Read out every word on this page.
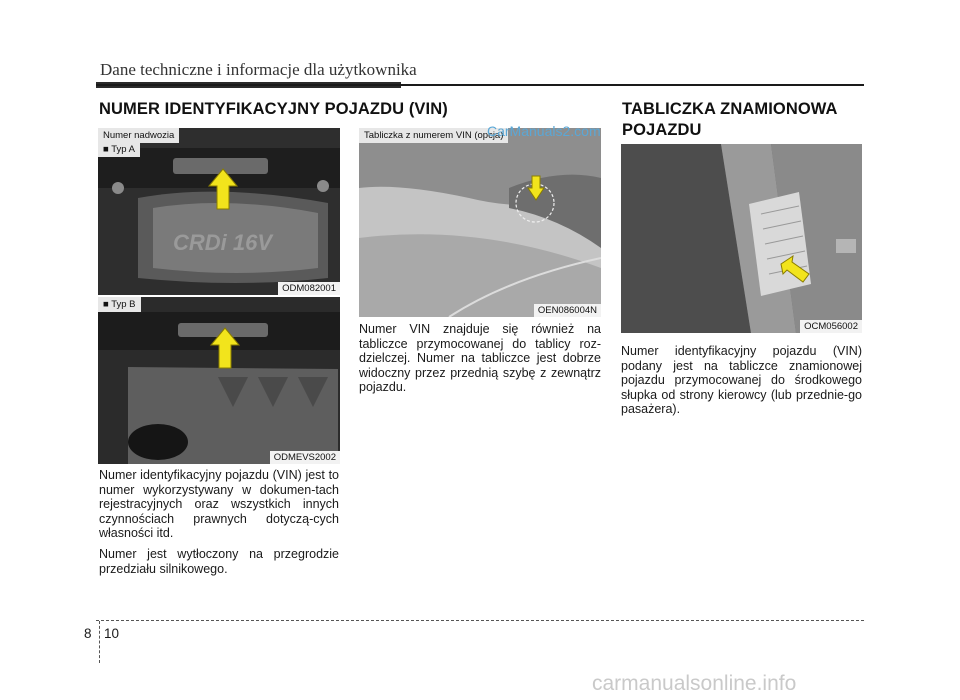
Dane techniczne i informacje dla użytkownika
NUMER IDENTYFIKACYJNY POJAZDU (VIN)
CRDi 16V
Numer nadwozia
■ Typ A
ODM082001
■ Typ B
ODMEVS2002

Numer identyfikacyjny pojazdu (VIN) jest to numer wykorzystywany w dokumen-tach rejestracyjnych oraz wszystkich innych czynnościach prawnych dotyczą-cych własności itd.

Numer jest wytłoczony na przegrodzie przedziału silnikowego.

Tabliczka z numerem VIN (opcja)
OEN086004N

Numer VIN znajduje się również na tabliczce przymocowanej do tablicy roz-dzielczej. Numer na tabliczce jest dobrze widoczny przez przednią szybę z zewnątrz pojazdu.

TABLICZKA ZNAMIONOWA
POJAZDU
OCM056002

Numer identyfikacyjny pojazdu (VIN) podany jest na tabliczce znamionowej pojazdu przymocowanej do środkowego słupka od strony kierowcy (lub przednie-go pasażera).

8 10
CarManuals2.com
carmanualsonline.info
